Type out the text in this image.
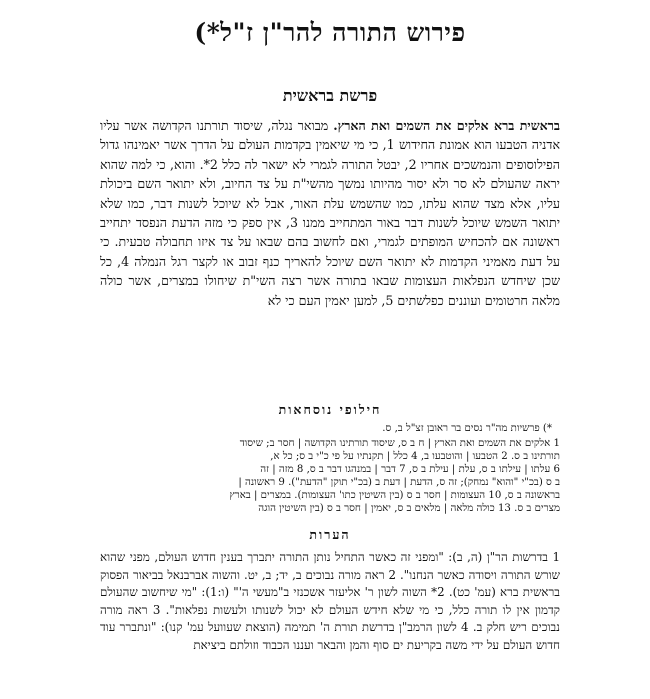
פירוש התורה להר"ן ז"ל*)
פרשת בראשית

בראשית ברא אלקים את השמים ואת הארץ. מבואר נגלה, שיסוד תורתנו הקדושה אשר עליו אדניה הטבעו הוא אמונת החידוש 1, כי מי שיאמין בקדמות העולם על הדרך אשר יאמינהו גדול הפילוסופים והנמשכים אחריו 2, יבטל התורה לגמרי לא ישאר לה כלל 2*. והוא, כי למה שהוא יראה שהעולם לא סר ולא יסור מהיותו נמשך מהשי"ת על צד החיוב, ולא יתואר השם ביכולת עליו, אלא מצד שהוא עלתו, כמו שהשמש עלת האור, אבל לא שיוכל לשנות דבר, כמו שלא יתואר השמש שיוכל לשנות דבר באור המתחייב ממנו 3, אין ספק כי מזה הדעת הנפסד יתחייב ראשונה אם להכחיש המופתים לגמרי, ואם לחשוב בהם שבאו על צד איזו תחבולה טבעית. כי על דעת מאמיני הקדמות לא יתואר השם שיוכל להאריך כנף זבוב או לקצר רגל הנמלה 4, כל שכן שיחדש הנפלאות העצומות שבאו בתורה אשר רצה השי"ת שיחולו במצרים, אשר כולה מלאה חרטומים ועוננים כפלשתים 5, למען יאמין העם כי לא

חילופי נוסחאות
*) פרשיות מה"ר נסים בר ראובן זצ"ל ב, ס.
1 אלקים את השמים ואת הארץ | ח ב ס, שיסוד תורתינו הקדושה | חסר ב; שיסוד
תורתינו ב ס. 2 הטבעו | והוטבעו ב, 4 כלל | תקנתיו על פי כ"י ב ס; כל א,
6 עלתו | עילתו ב ס, עלת | עילת ב ס, 7 דבר | במנהגו דבר ב ס, 8 מזה | זה
ב ס (בכ"י "והוא" נמחק); זה ס, הדעת | דעת ב (בכ"י תוקן "הדעת"). 9 ראשונה |
בראשונה ב ס, 10 העצומות | חסר ב ס (בין השיטין כתו' העצומות). במצרים | בארץ
מצרים ב ס. 13 כולה מלאה | מלאים ב ס, יאמין | חסר ב ס (בין השיטין הוגה
הערות

1 בדרשות הר"ן (ה, ב): "ומפני זה כאשר התחיל נותן התורה יתברך בענין חדוש העולם, מפני שהוא שורש התורה ויסודה כאשר הנחנו". 2 ראה מורה נבוכים ב, יד; ב, יט. והשוה אברבנאל בביאור הפסוק בראשית ברא (עמ' כט). 2* השוה לשון ר' אליעזר אשכנזי ב"מעשי ה'" (ו:1): "מי שיחשוב שהעולם קדמון אין לו תורה כלל, כי מי שלא חידש העולם לא יכול לשנותו ולעשות נפלאות". 3 ראה מורה נבוכים ריש חלק ב. 4 לשון הרמב"ן בדרשת תורת ה' תמימה (הוצאת שעוועל עמ' קנו): "ונתברר עוד חדוש העולם על ידי משה בקריעת ים סוף והמן והבאר ועננו הכבוד וזולתם ביציאת
